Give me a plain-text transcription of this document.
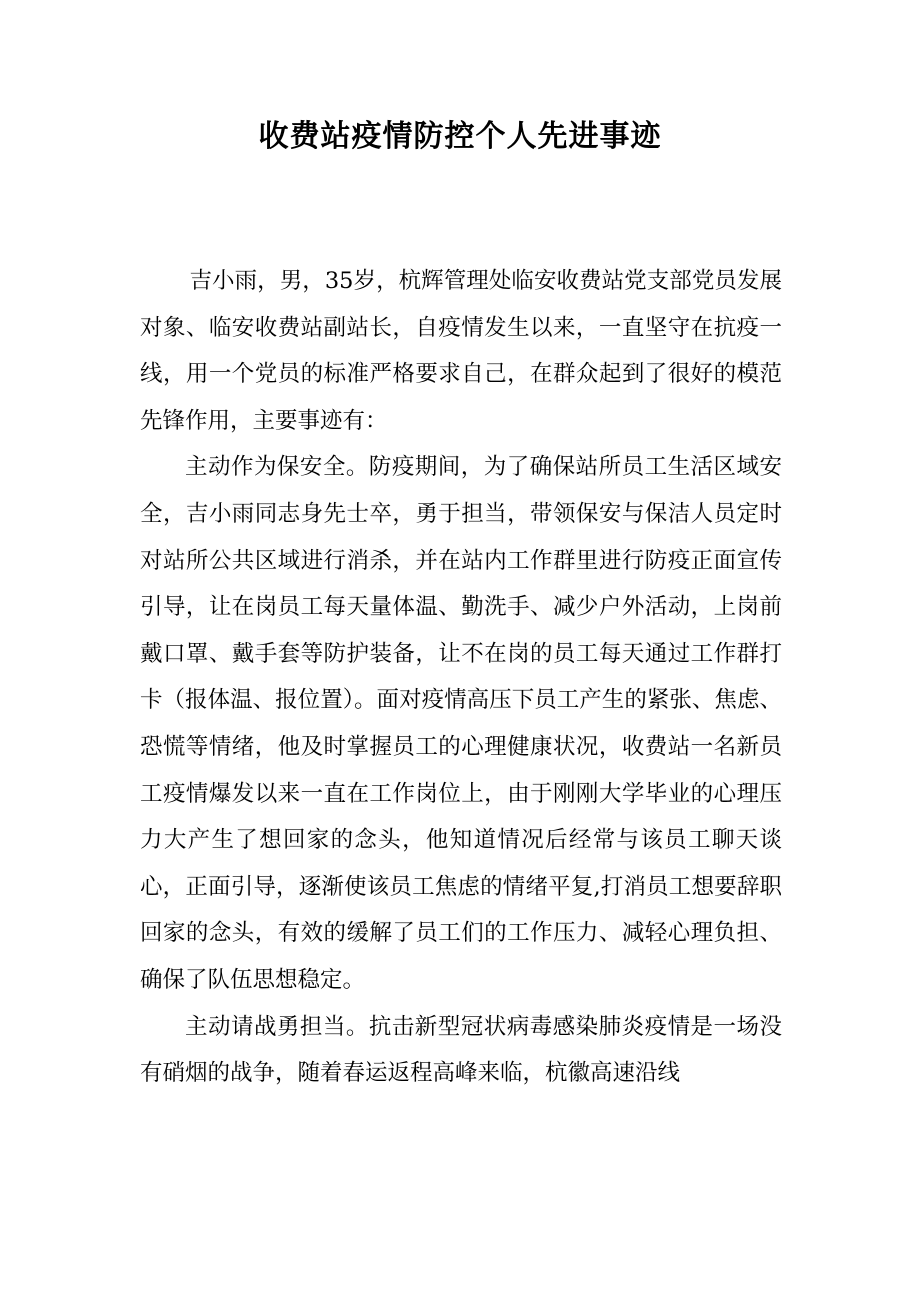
收费站疫情防控个人先进事迹

吉小雨，男，35岁，杭辉管理处临安收费站党支部党员发展对象、临安收费站副站长，自疫情发生以来，一直坚守在抗疫一线，用一个党员的标准严格要求自己，在群众起到了很好的模范先锋作用，主要事迹有：

主动作为保安全。防疫期间，为了确保站所员工生活区域安全，吉小雨同志身先士卒，勇于担当，带领保安与保洁人员定时对站所公共区域进行消杀，并在站内工作群里进行防疫正面宣传引导，让在岗员工每天量体温、勤洗手、减少户外活动，上岗前戴口罩、戴手套等防护装备，让不在岗的员工每天通过工作群打卡（报体温、报位置）。面对疫情高压下员工产生的紧张、焦虑、恐慌等情绪，他及时掌握员工的心理健康状况，收费站一名新员工疫情爆发以来一直在工作岗位上，由于刚刚大学毕业的心理压力大产生了想回家的念头，他知道情况后经常与该员工聊天谈心，正面引导，逐渐使该员工焦虑的情绪平复,打消员工想要辞职回家的念头，有效的缓解了员工们的工作压力、减轻心理负担、确保了队伍思想稳定。

主动请战勇担当。抗击新型冠状病毒感染肺炎疫情是一场没有硝烟的战争，随着春运返程高峰来临，杭徽高速沿线
